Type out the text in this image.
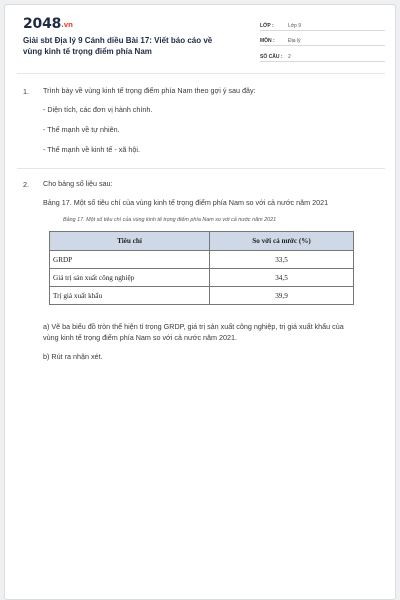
2048.vn
Giải sbt Địa lý 9 Cánh diều Bài 17: Viết báo cáo về vùng kinh tế trọng điểm phía Nam
LỚP :	Lớp 9
MÔN :	Địa lý
SỐ CÂU : 2
1. Trình bày về vùng kinh tế trọng điểm phía Nam theo gợi ý sau đây:
- Diện tích, các đơn vị hành chính.
- Thế mạnh về tự nhiên.
- Thế mạnh về kinh tế - xã hội.
2. Cho bảng số liệu sau:
Bảng 17. Một số tiêu chí của vùng kinh tế trọng điểm phía Nam so với cả nước năm 2021
Bảng 17. Một số tiêu chí của vùng kinh tế trọng điểm phía Nam so với cả nước năm 2021
Tiêu chí	So với cả nước (%)
GRDP	33,5
Giá trị sản xuất công nghiệp	34,5
Trị giá xuất khẩu	39,9
a) Vẽ ba biểu đồ tròn thể hiện tỉ trọng GRDP, giá trị sản xuất công nghiệp, trị giá xuất khẩu của
vùng kinh tế trọng điểm phía Nam so với cả nước năm 2021.
b) Rút ra nhận xét.
